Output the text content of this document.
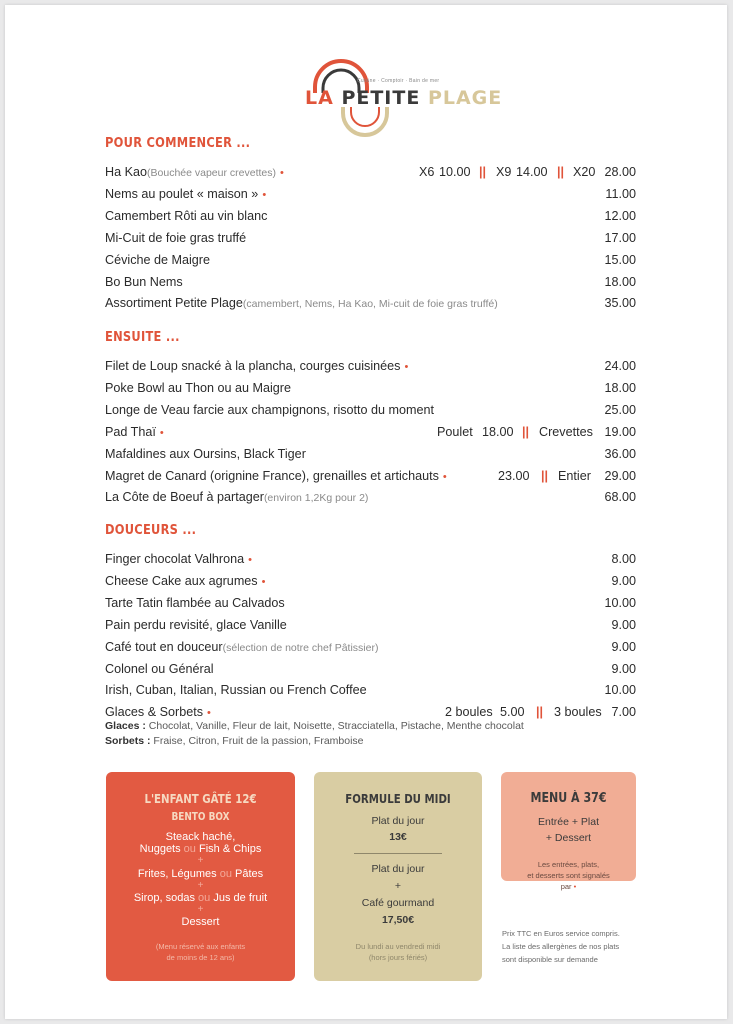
Cuisine · Comptoir · Bain de mer
LA PETITE PLAGE
POUR COMMENCER ...
Ha Kao(Bouchée vapeur crevettes) •	X6 10.00 X9 14.00 X20 28.00
||	||
Nems au poulet « maison » •	11.00
Camembert Rôti au vin blanc	12.00
Mi-Cuit de foie gras truffé	17.00
Céviche de Maigre	15.00
Bo Bun Nems	18.00
Assortiment Petite Plage(camembert, Nems, Ha Kao, Mi-cuit de foie gras truffé)	35.00
ENSUITE ...
Filet de Loup snacké à la plancha, courges cuisinées •	24.00
Poke Bowl au Thon ou au Maigre	18.00
Longe de Veau farcie aux champignons, risotto du moment	25.00
Pad Thaï •	Poulet 18.00 Crevettes 19.00
||
Mafaldines aux Oursins, Black Tiger	36.00
Magret de Canard (orignine France), grenailles et artichauts •	23.00 Entier 29.00
||
La Côte de Boeuf à partager(environ 1,2Kg pour 2)	68.00
DOUCEURS ...
Finger chocolat Valhrona •	8.00
Cheese Cake aux agrumes •	9.00
Tarte Tatin flambée au Calvados	10.00
Pain perdu revisité, glace Vanille	9.00
Café tout en douceur(sélection de notre chef Pâtissier)	9.00
Colonel ou Général	9.00
Irish, Cuban, Italian, Russian ou French Coffee	10.00
Glaces & Sorbets •	2 boules 5.00 3 boules 7.00
||
Glaces : Chocolat, Vanille, Fleur de lait, Noisette, Stracciatella, Pistache, Menthe chocolat
Sorbets : Fraise, Citron, Fruit de la passion, Framboise
L'ENFANT GÂTÉ 12€
BENTO BOX
Steack haché,
Nuggets ou Fish & Chips
+
Frites, Légumes ou Pâtes
+
Sirop, sodas ou Jus de fruit
+
Dessert
(Menu réservé aux enfants
de moins de 12 ans)
FORMULE DU MIDI
Plat du jour
13€
Plat du jour
+
Café gourmand
17,50€
Du lundi au vendredi midi
(hors jours fériés)
MENU À 37€
Entrée + Plat
+ Dessert
Les entrées, plats,
et desserts sont signalés
par •
Prix TTC en Euros service compris.
La liste des allergènes de nos plats
sont disponible sur demande
